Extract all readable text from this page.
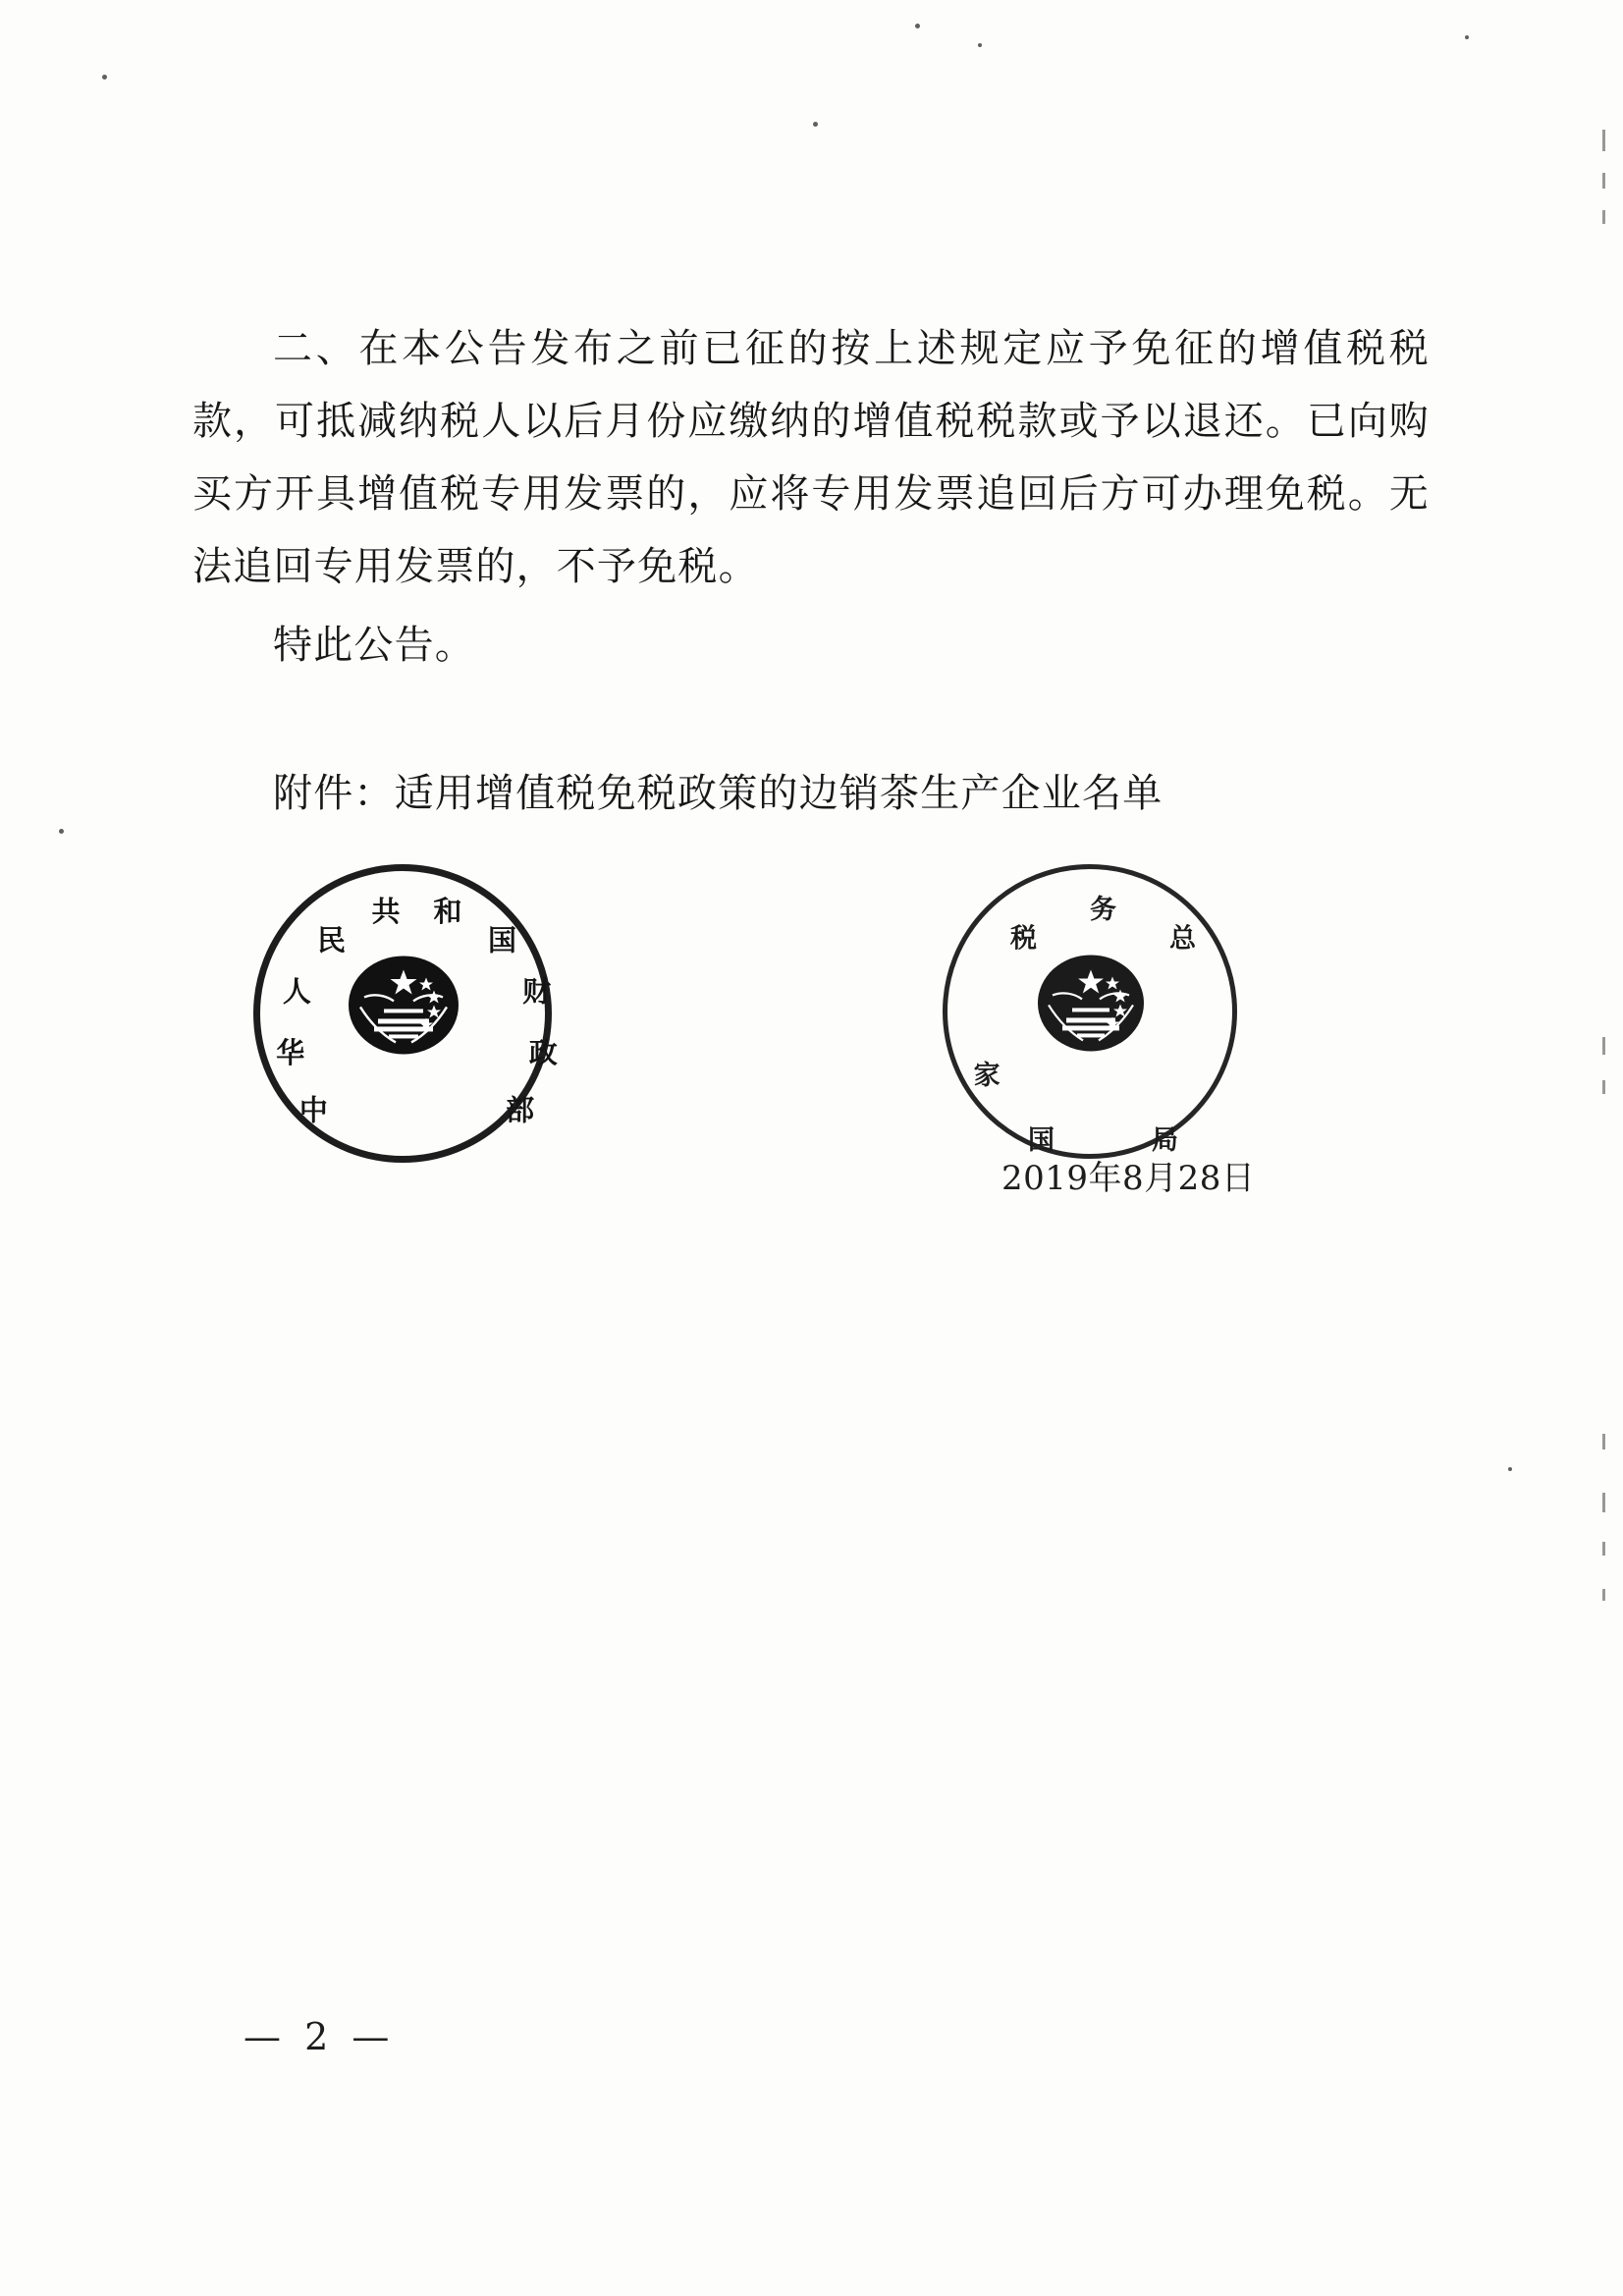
二、在本公告发布之前已征的按上述规定应予免征的增值税税款，可抵减纳税人以后月份应缴纳的增值税税款或予以退还。已向购买方开具增值税专用发票的，应将专用发票追回后方可办理免税。无法追回专用发票的，不予免税。

特此公告。

附件：适用增值税免税政策的边销茶生产企业名单
中
华
人
民
共 和
国
财
政
部
国
家
税
务
总
局
2019年8月28日
— 2 —
